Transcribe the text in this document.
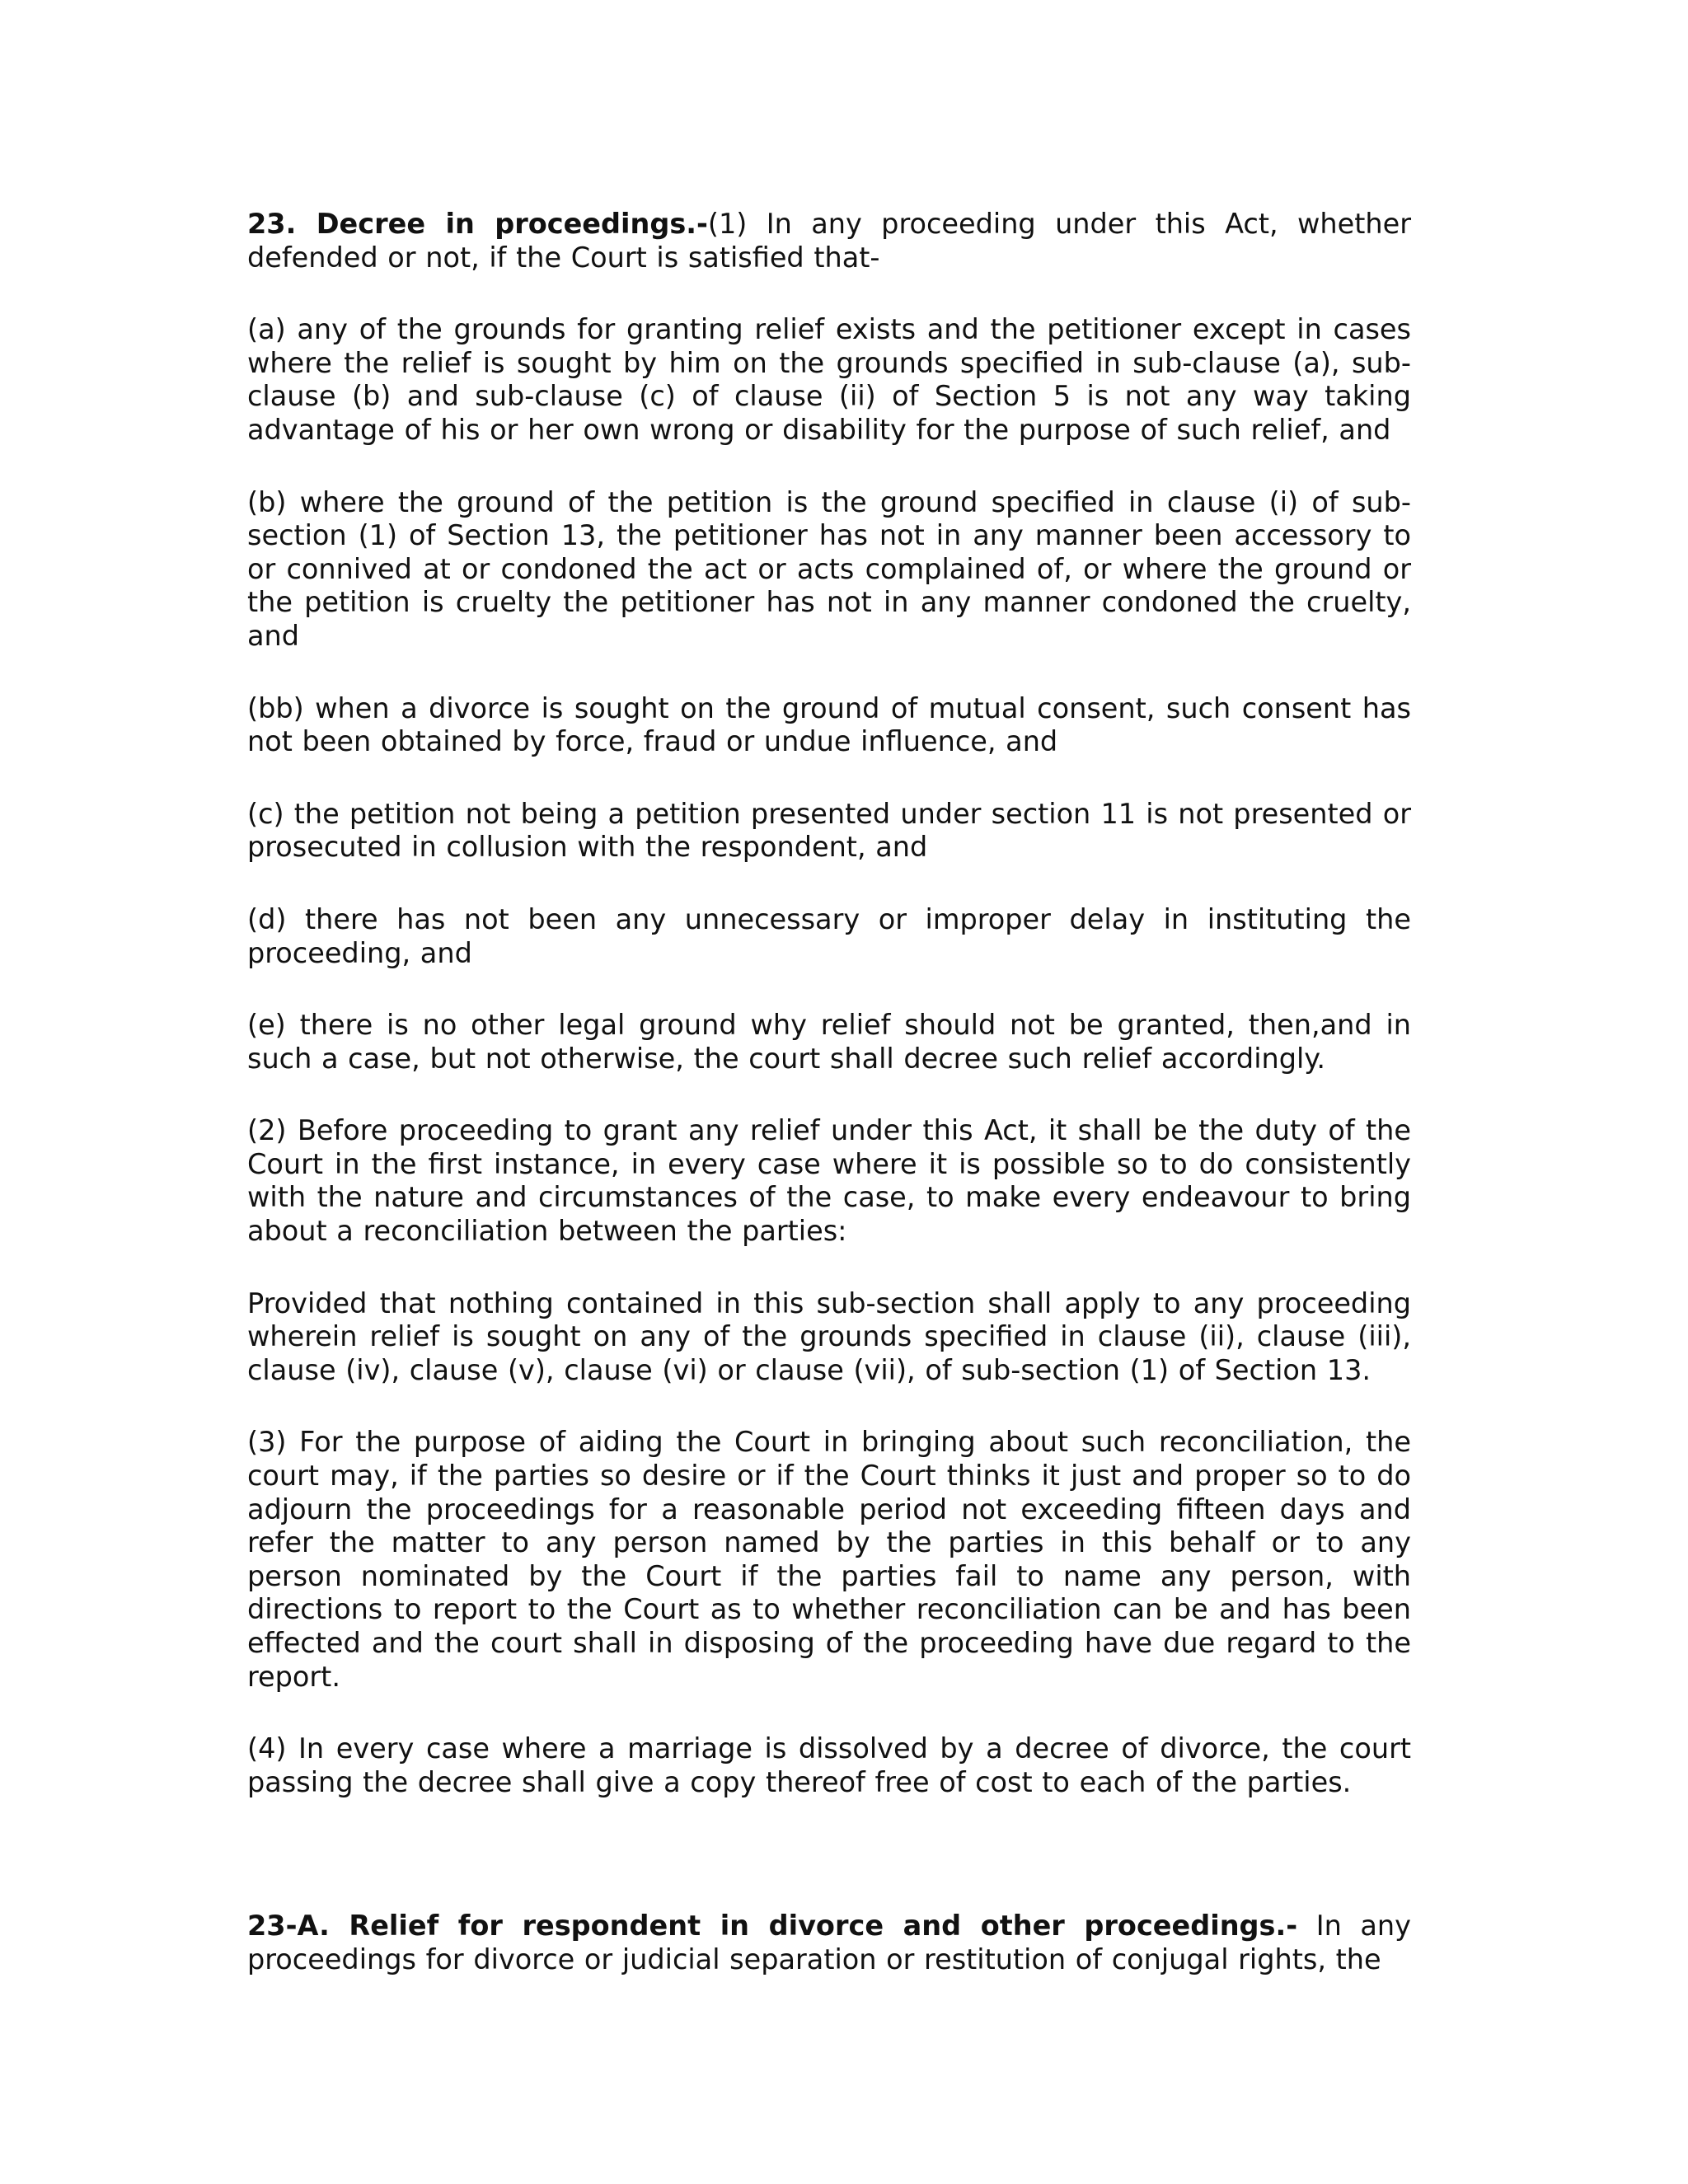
23. Decree in proceedings.-(1) In any proceeding under this Act, whether defended or not, if the Court is satisfied that-

(a) any of the grounds for granting relief exists and the petitioner except in cases where the relief is sought by him on the grounds specified in sub-clause (a), sub-clause (b) and sub-clause (c) of clause (ii) of Section 5 is not any way taking advantage of his or her own wrong or disability for the purpose of such relief, and

(b) where the ground of the petition is the ground specified in clause (i) of sub-section (1) of Section 13, the petitioner has not in any manner been accessory to or connived at or condoned the act or acts complained of, or where the ground or the petition is cruelty the petitioner has not in any manner condoned the cruelty, and

(bb) when a divorce is sought on the ground of mutual consent, such consent has not been obtained by force, fraud or undue influence, and

(c) the petition not being a petition presented under section 11 is not presented or prosecuted in collusion with the respondent, and

(d) there has not been any unnecessary or improper delay in instituting the proceeding, and

(e) there is no other legal ground why relief should not be granted, then,and in such a case, but not otherwise, the court shall decree such relief accordingly.

(2) Before proceeding to grant any relief under this Act, it shall be the duty of the Court in the first instance, in every case where it is possible so to do consistently with the nature and circumstances of the case, to make every endeavour to bring about a reconciliation between the parties:

Provided that nothing contained in this sub-section shall apply to any proceeding wherein relief is sought on any of the grounds specified in clause (ii), clause (iii), clause (iv), clause (v), clause (vi) or clause (vii), of sub-section (1) of Section 13.

(3) For the purpose of aiding the Court in bringing about such reconciliation, the court may, if the parties so desire or if the Court thinks it just and proper so to do adjourn the proceedings for a reasonable period not exceeding fifteen days and refer the matter to any person named by the parties in this behalf or to any person nominated by the Court if the parties fail to name any person, with directions to report to the Court as to whether reconciliation can be and has been effected and the court shall in disposing of the proceeding have due regard to the report.

(4) In every case where a marriage is dissolved by a decree of divorce, the court passing the decree shall give a copy thereof free of cost to each of the parties.

23-A. Relief for respondent in divorce and other proceedings.- In any proceedings for divorce or judicial separation or restitution of conjugal rights, the
